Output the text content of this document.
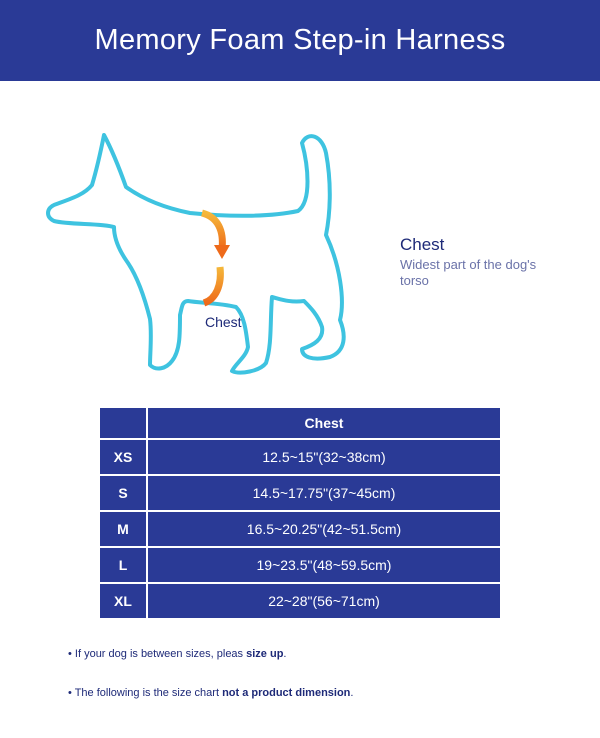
Memory Foam Step-in Harness
Chest
Chest
Widest part of the dog's torso
	Chest
XS	12.5~15"(32~38cm)
S	14.5~17.75"(37~45cm)
M	16.5~20.25"(42~51.5cm)
L	19~23.5"(48~59.5cm)
XL	22~28"(56~71cm)
• If your dog is between sizes, pleas size up.
• The following is the size chart not a product dimension.
